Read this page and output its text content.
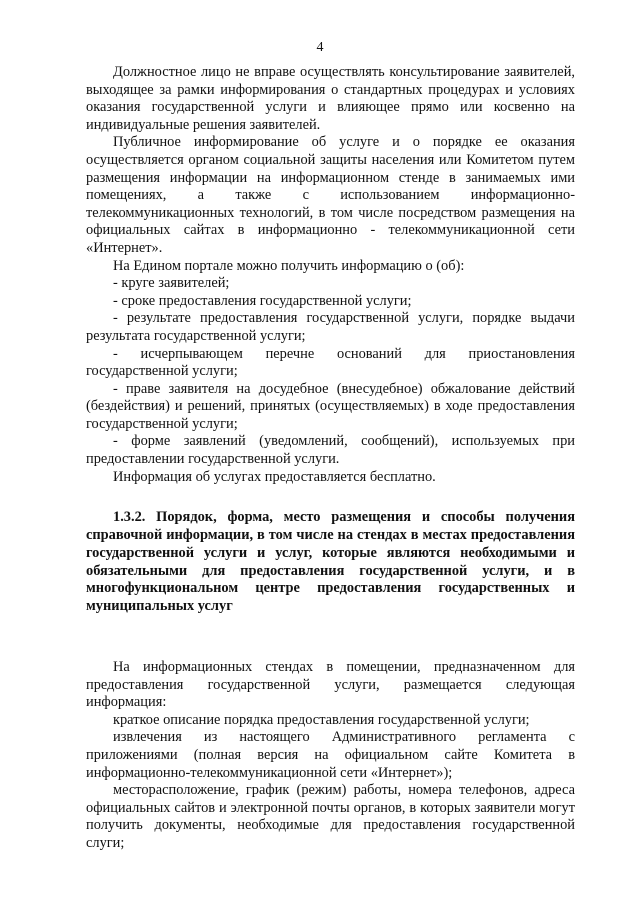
4

Должностное лицо не вправе осуществлять консультирование заявителей, выходящее за рамки информирования о стандартных процедурах и условиях оказания государственной услуги и влияющее прямо или косвенно на индивидуальные решения заявителей.

Публичное информирование об услуге и о порядке ее оказания осуществляется органом социальной защиты населения или Комитетом путем размещения информации на информационном стенде в занимаемых ими помещениях, а также с использованием информационно-телекоммуникационных технологий, в том числе посредством размещения на официальных сайтах в информационно - телекоммуникационной сети «Интернет».

На Едином портале можно получить информацию о (об):

- круге заявителей;

- сроке предоставления государственной услуги;

- результате предоставления государственной услуги, порядке выдачи результата государственной услуги;

- исчерпывающем перечне оснований для приостановления государственной услуги;

- праве заявителя на досудебное (внесудебное) обжалование действий (бездействия) и решений, принятых (осуществляемых) в ходе предоставления государственной услуги;

- форме заявлений (уведомлений, сообщений), используемых при предоставлении государственной услуги.

Информация об услугах предоставляется бесплатно.

1.3.2. Порядок, форма, место размещения и способы получения справочной информации, в том числе на стендах в местах предоставления государственной услуги и услуг, которые являются необходимыми и обязательными для предоставления государственной услуги, и в многофункциональном центре предоставления государственных и муниципальных услуг

На информационных стендах в помещении, предназначенном для предоставления государственной услуги, размещается следующая информация:

краткое описание порядка предоставления государственной услуги;

извлечения из настоящего Административного регламента с приложениями (полная версия на официальном сайте Комитета в информационно-телекоммуникационной сети «Интернет»);

месторасположение, график (режим) работы, номера телефонов, адреса официальных сайтов и электронной почты органов, в которых заявители могут получить документы, необходимые для предоставления государственной слуги;
